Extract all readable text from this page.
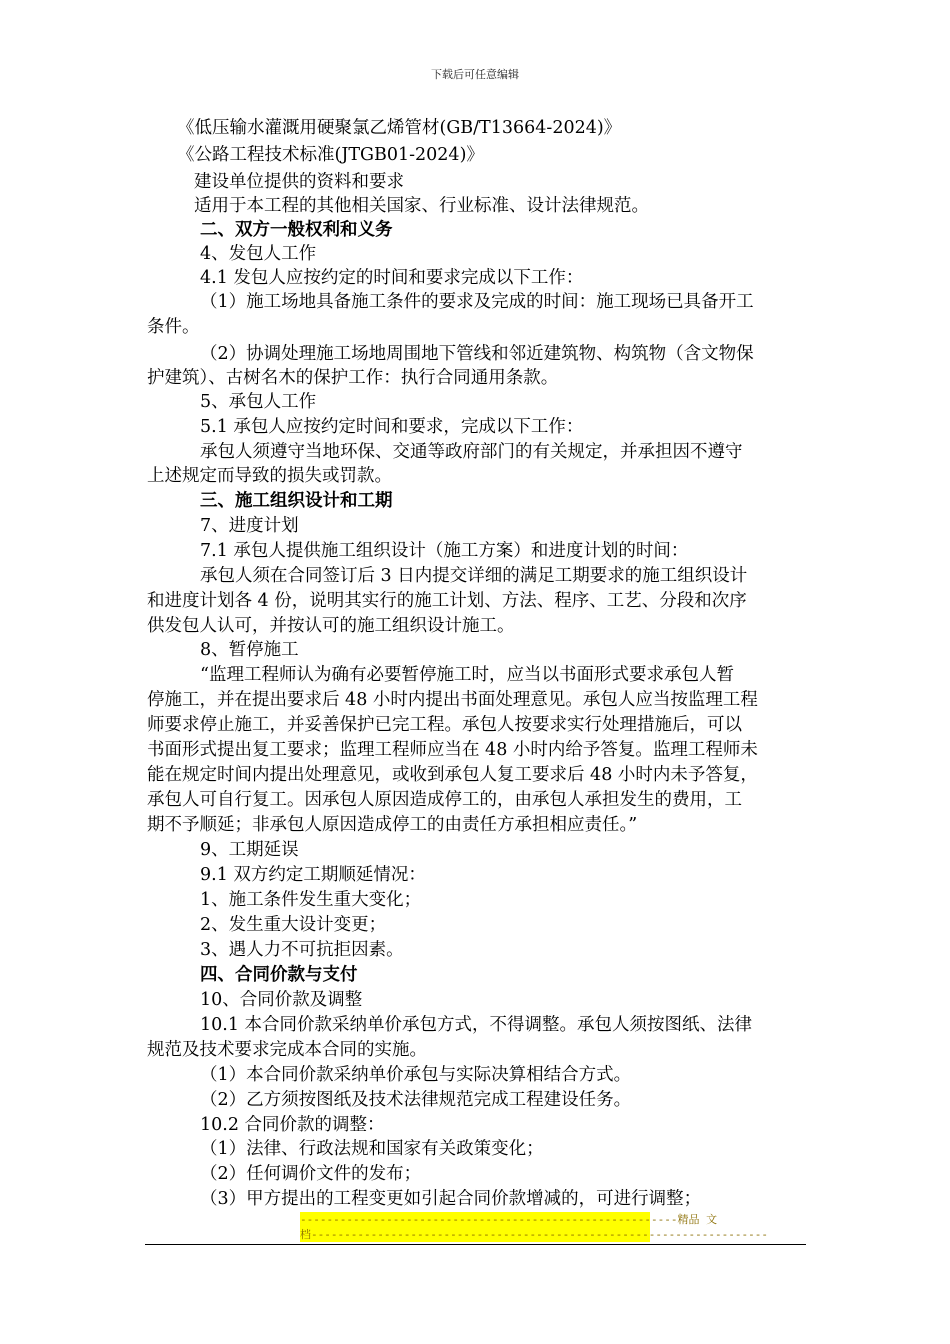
下载后可任意编辑
《低压输水灌溉用硬聚氯乙烯管材(GB/T13664-2024)》
《公路工程技术标准(JTGB01-2024)》
建设单位提供的资料和要求
适用于本工程的其他相关国家、行业标准、设计法律规范。
二、双方一般权利和义务
4、发包人工作
4.1 发包人应按约定的时间和要求完成以下工作：
（1）施工场地具备施工条件的要求及完成的时间：施工现场已具备开工
条件。
（2）协调处理施工场地周围地下管线和邻近建筑物、构筑物（含文物保
护建筑）、古树名木的保护工作：执行合同通用条款。
5、承包人工作
5.1 承包人应按约定时间和要求，完成以下工作：
承包人须遵守当地环保、交通等政府部门的有关规定，并承担因不遵守
上述规定而导致的损失或罚款。
三、施工组织设计和工期
7、进度计划
7.1 承包人提供施工组织设计（施工方案）和进度计划的时间：
承包人须在合同签订后 3 日内提交详细的满足工期要求的施工组织设计
和进度计划各 4 份，说明其实行的施工计划、方法、程序、工艺、分段和次序
供发包人认可，并按认可的施工组织设计施工。
8、暂停施工
“监理工程师认为确有必要暂停施工时，应当以书面形式要求承包人暂
停施工，并在提出要求后 48 小时内提出书面处理意见。承包人应当按监理工程
师要求停止施工，并妥善保护已完工程。承包人按要求实行处理措施后，可以
书面形式提出复工要求；监理工程师应当在 48 小时内给予答复。监理工程师未
能在规定时间内提出处理意见，或收到承包人复工要求后 48 小时内未予答复，
承包人可自行复工。因承包人原因造成停工的，由承包人承担发生的费用，工
期不予顺延；非承包人原因造成停工的由责任方承担相应责任。”
9、工期延误
9.1 双方约定工期顺延情况：
1、施工条件发生重大变化；
2、发生重大设计变更；
3、遇人力不可抗拒因素。
四、合同价款与支付
10、合同价款及调整
10.1 本合同价款采纳单价承包方式，不得调整。承包人须按图纸、法律
规范及技术要求完成本合同的实施。
（1）本合同价款采纳单价承包与实际决算相结合方式。
（2）乙方须按图纸及技术法律规范完成工程建设任务。
10.2 合同价款的调整：
（1）法律、行政法规和国家有关政策变化；
（2）任何调价文件的发布；
（3）甲方提出的工程变更如引起合同价款增减的，可进行调整；
---------------------------------------------------------精品 文
档---------------------------------------------------------------------
